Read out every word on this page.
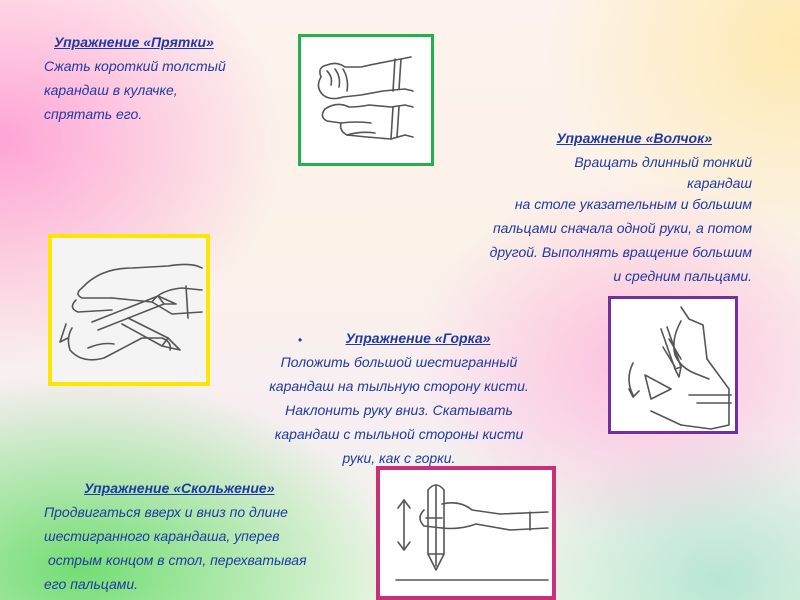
Упражнение «Прятки»
Сжать короткий толстый
карандаш в кулачке,
спрятать его.
Упражнение «Волчок»
Вращать длинный тонкий
карандаш
на столе указательным и большим
пальцами сначала одной руки, а потом
другой. Выполнять вращение большим
и средним пальцами.
•	Упражнение «Горка»
Положить большой шестигранный
карандаш на тыльную сторону кисти.
Наклонить руку вниз. Скатывать
карандаш с тыльной стороны кисти
руки, как с горки.
Упражнение «Скольжение»
Продвигаться вверх и вниз по длине
шестигранного карандаша, уперев
острым концом в стол, перехватывая
его пальцами.
